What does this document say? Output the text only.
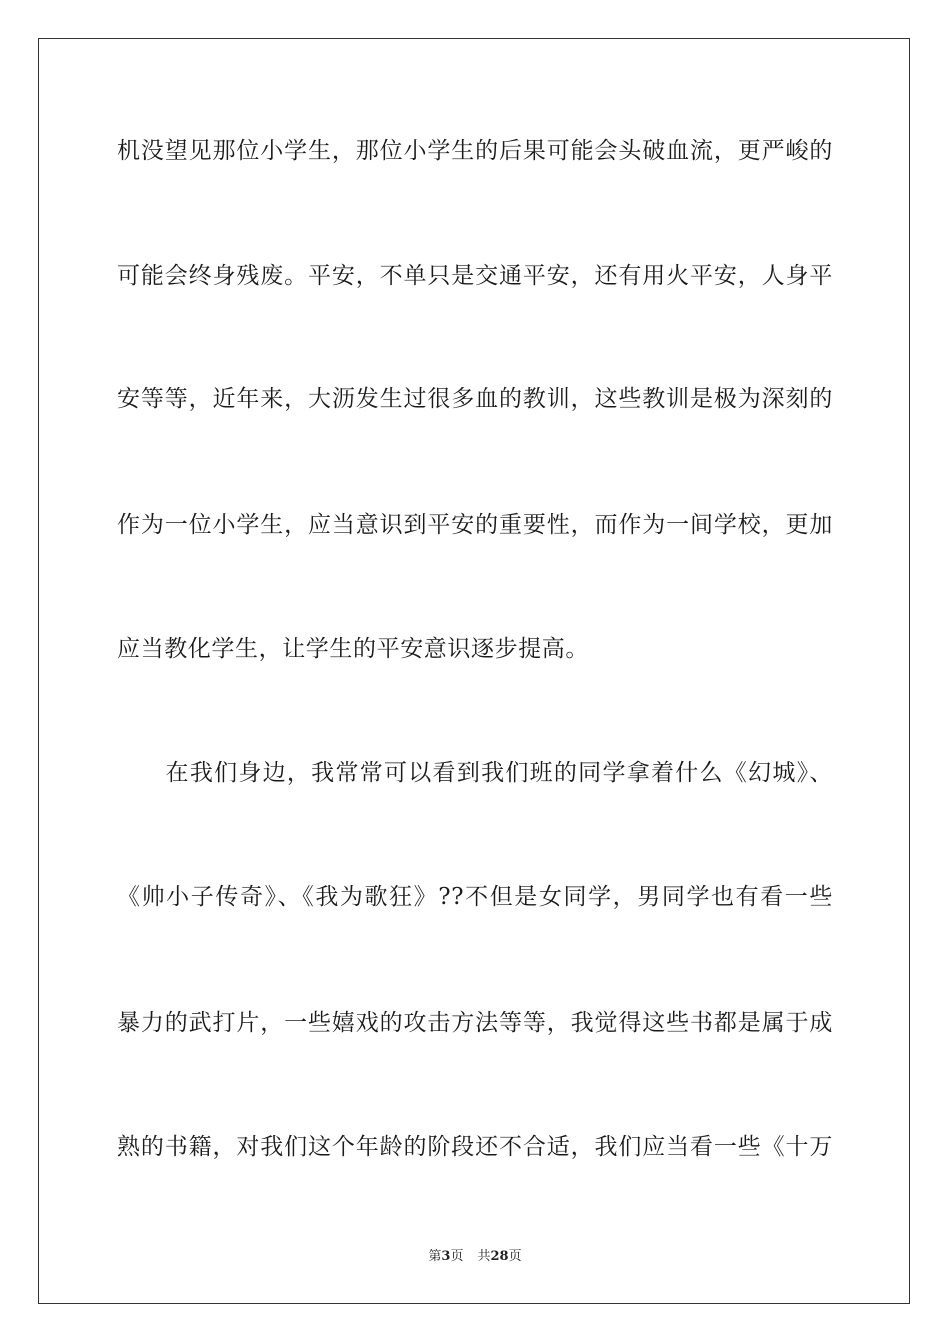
机没望见那位小学生，那位小学生的后果可能会头破血流，更严峻的
可能会终身残废。平安，不单只是交通平安，还有用火平安，人身平
安等等，近年来，大沥发生过很多血的教训，这些教训是极为深刻的
作为一位小学生，应当意识到平安的重要性，而作为一间学校，更加
应当教化学生，让学生的平安意识逐步提高。
　　在我们身边，我常常可以看到我们班的同学拿着什么《幻城》、
《帅小子传奇》、《我为歌狂》??不但是女同学，男同学也有看一些
暴力的武打片，一些嬉戏的攻击方法等等，我觉得这些书都是属于成
熟的书籍，对我们这个年龄的阶段还不合适，我们应当看一些《十万
第3页 共28页
